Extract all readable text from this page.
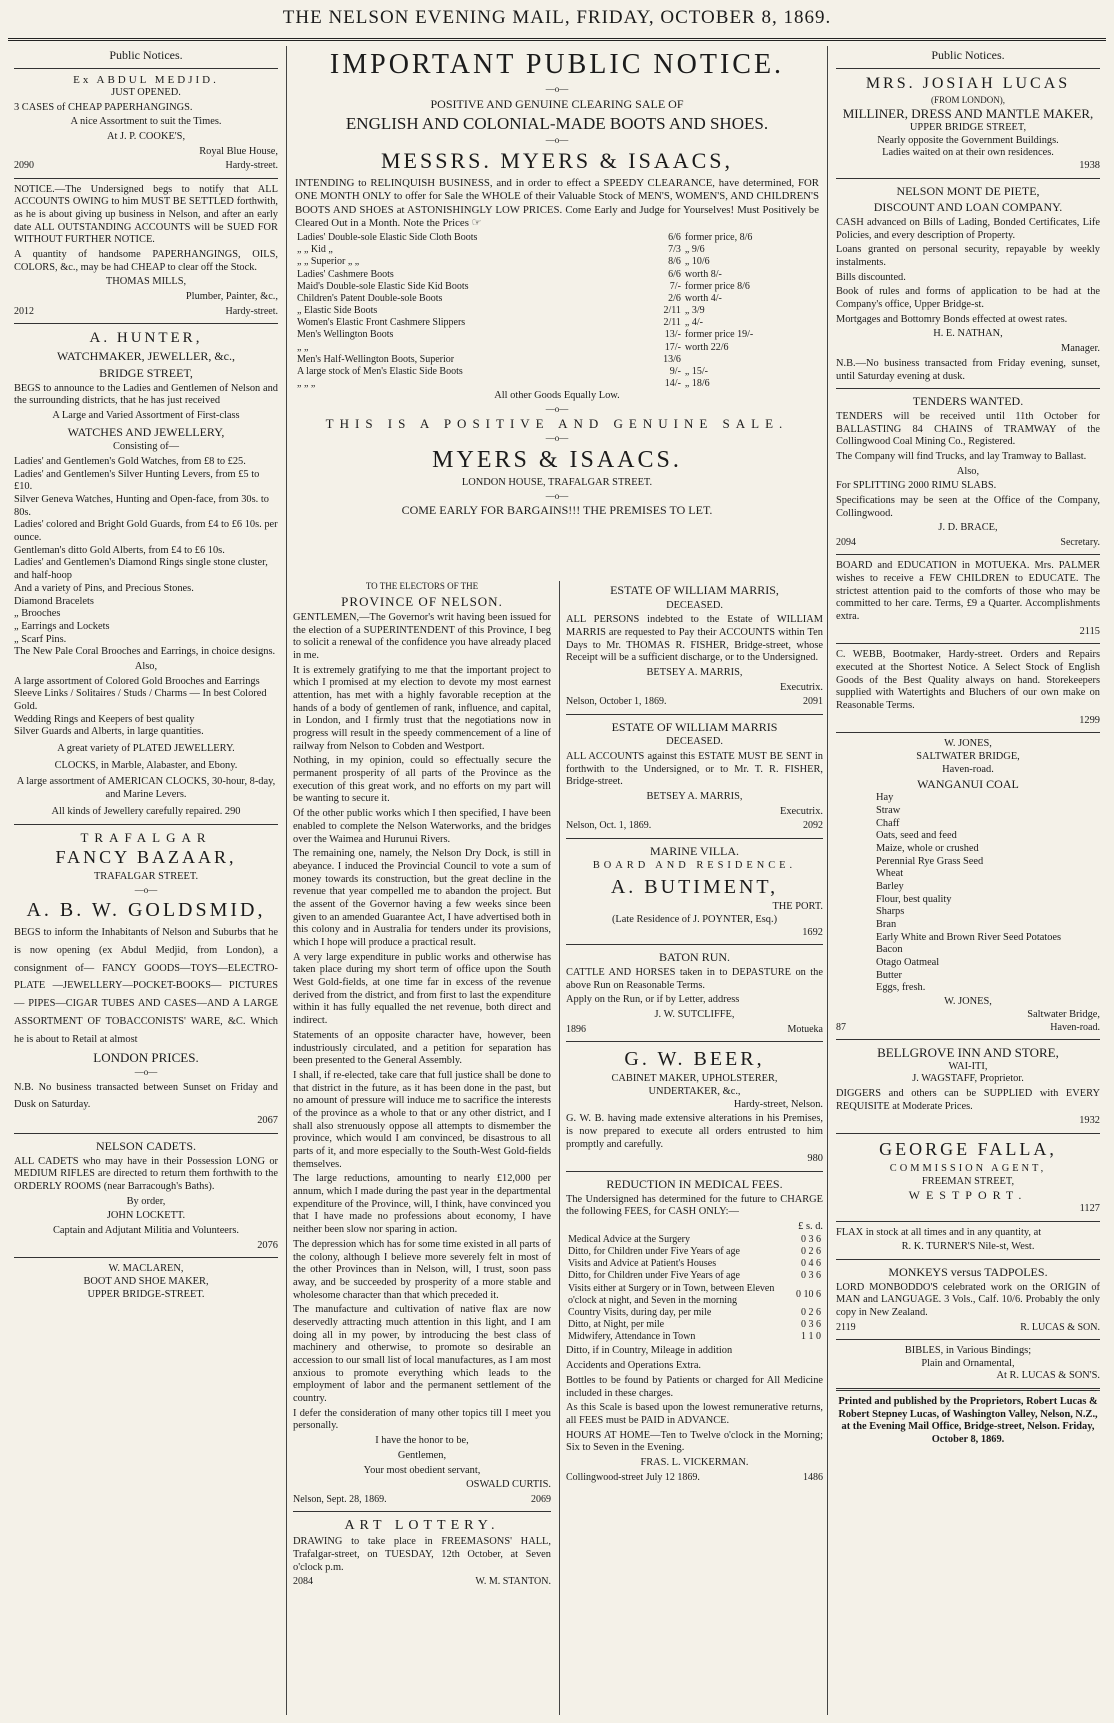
THE NELSON EVENING MAIL, FRIDAY, OCTOBER 8, 1869.
Public Notices.
Ex ABDUL MEDJID.
JUST OPENED.

3 CASES of CHEAP PAPERHANGINGS.

A nice Assortment to suit the Times.

At J. P. COOKE'S,

Royal Blue House,

2090	Hardy-street.

NOTICE.—The Undersigned begs to notify that ALL ACCOUNTS OWING to him MUST BE SETTLED forthwith, as he is about giving up business in Nelson, and after an early date ALL OUTSTANDING ACCOUNTS will be SUED FOR WITHOUT FURTHER NOTICE.

A quantity of handsome PAPERHANGINGS, OILS, COLORS, &c., may be had CHEAP to clear off the Stock.

THOMAS MILLS,

Plumber, Painter, &c.,

2012	Hardy-street.
A. HUNTER,
WATCHMAKER, JEWELLER, &c.,
BRIDGE STREET,

BEGS to announce to the Ladies and Gentlemen of Nelson and the surrounding districts, that he has just received

A Large and Varied Assortment of First-class

WATCHES AND JEWELLERY,

Consisting of—

Ladies' and Gentlemen's Gold Watches, from £8 to £25.
Ladies' and Gentlemen's Silver Hunting Levers, from £5 to £10.
Silver Geneva Watches, Hunting and Open-face, from 30s. to 80s.
Ladies' colored and Bright Gold Guards, from £4 to £6 10s. per ounce.
Gentleman's ditto Gold Alberts, from £4 to £6 10s.
Ladies' and Gentlemen's Diamond Rings single stone cluster, and half-hoop
And a variety of Pins, and Precious Stones.
Diamond Bracelets
„ Brooches
„ Earrings and Lockets
„ Scarf Pins.
The New Pale Coral Brooches and Earrings, in choice designs.

Also,

A large assortment of Colored Gold Brooches and Earrings
Sleeve Links / Solitaires / Studs / Charms — In best Colored Gold.
Wedding Rings and Keepers of best quality
Silver Guards and Alberts, in large quantities.
A great variety of PLATED JEWELLERY.
CLOCKS, in Marble, Alabaster, and Ebony.
A large assortment of AMERICAN CLOCKS, 30-hour, 8-day, and Marine Levers.
All kinds of Jewellery carefully repaired. 290
TRAFALGAR
FANCY BAZAAR,
TRAFALGAR STREET.
—o—
A. B. W. GOLDSMID,

BEGS to inform the Inhabitants of Nelson and Suburbs that he is now opening (ex Abdul Medjid, from London), a consignment of— FANCY GOODS—TOYS—ELECTRO-PLATE —JEWELLERY—POCKET-BOOKS— PICTURES — PIPES—CIGAR TUBES AND CASES—AND A LARGE ASSORTMENT OF TOBACCONISTS' WARE, &C. Which he is about to Retail at almost

LONDON PRICES.
—o—

N.B. No business transacted between Sunset on Friday and Dusk on Saturday.

2067

NELSON CADETS.

ALL CADETS who may have in their Possession LONG or MEDIUM RIFLES are directed to return them forthwith to the ORDERLY ROOMS (near Barracough's Baths).

By order,

JOHN LOCKETT.

Captain and Adjutant Militia and Volunteers.

2076

W. MACLAREN,
BOOT AND SHOE MAKER,
UPPER BRIDGE-STREET.
IMPORTANT PUBLIC NOTICE.
—o—
POSITIVE AND GENUINE CLEARING SALE OF
ENGLISH AND COLONIAL-MADE BOOTS AND SHOES.
—o—
MESSRS. MYERS & ISAACS,

INTENDING to RELINQUISH BUSINESS, and in order to effect a SPEEDY CLEARANCE, have determined, FOR ONE MONTH ONLY to offer for Sale the WHOLE of their Valuable Stock of MEN'S, WOMEN'S, AND CHILDREN'S BOOTS AND SHOES at ASTONISHINGLY LOW PRICES. Come Early and Judge for Yourselves! Must Positively be Cleared Out in a Month. Note the Prices ☞

Ladies' Double-sole Elastic Side Cloth Boots	6/6	former price, 8/6
„ „ Kid „	7/3	„ 9/6
„ „ Superior „ „	8/6	„ 10/6
Ladies' Cashmere Boots	6/6	worth 8/-
Maid's Double-sole Elastic Side Kid Boots	7/-	former price 8/6
Children's Patent Double-sole Boots	2/6	worth 4/-
„ Elastic Side Boots	2/11	„ 3/9
Women's Elastic Front Cashmere Slippers	2/11	„ 4/-
Men's Wellington Boots	13/-	former price 19/-
„ „	17/-	worth 22/6
Men's Half-Wellington Boots, Superior	13/6	
A large stock of Men's Elastic Side Boots	9/-	„ 15/-
„ „ „	14/-	„ 18/6
All other Goods Equally Low.
—o—
THIS IS A POSITIVE AND GENUINE SALE.
—o—
MYERS & ISAACS.
LONDON HOUSE, TRAFALGAR STREET.
—o—
COME EARLY FOR BARGAINS!!! THE PREMISES TO LET.
TO THE ELECTORS OF THE
PROVINCE OF NELSON.

GENTLEMEN,—The Governor's writ having been issued for the election of a SUPERINTENDENT of this Province, I beg to solicit a renewal of the confidence you have already placed in me.

It is extremely gratifying to me that the important project to which I promised at my election to devote my most earnest attention, has met with a highly favorable reception at the hands of a body of gentlemen of rank, influence, and capital, in London, and I firmly trust that the negotiations now in progress will result in the speedy commencement of a line of railway from Nelson to Cobden and Westport.

Nothing, in my opinion, could so effectually secure the permanent prosperity of all parts of the Province as the execution of this great work, and no efforts on my part will be wanting to secure it.

Of the other public works which I then specified, I have been enabled to complete the Nelson Waterworks, and the bridges over the Waimea and Hurunui Rivers.

The remaining one, namely, the Nelson Dry Dock, is still in abeyance. I induced the Provincial Council to vote a sum of money towards its construction, but the great decline in the revenue that year compelled me to abandon the project. But the assent of the Governor having a few weeks since been given to an amended Guarantee Act, I have advertised both in this colony and in Australia for tenders under its provisions, which I hope will produce a practical result.

A very large expenditure in public works and otherwise has taken place during my short term of office upon the South West Gold-fields, at one time far in excess of the revenue derived from the district, and from first to last the expenditure within it has fully equalled the net revenue, both direct and indirect.

Statements of an opposite character have, however, been industriously circulated, and a petition for separation has been presented to the General Assembly.

I shall, if re-elected, take care that full justice shall be done to that district in the future, as it has been done in the past, but no amount of pressure will induce me to sacrifice the interests of the province as a whole to that or any other district, and I shall also strenuously oppose all attempts to dismember the province, which would I am convinced, be disastrous to all parts of it, and more especially to the South-West Gold-fields themselves.

The large reductions, amounting to nearly £12,000 per annum, which I made during the past year in the departmental expenditure of the Province, will, I think, have convinced you that I have made no professions about economy, I have neither been slow nor sparing in action.

The depression which has for some time existed in all parts of the colony, although I believe more severely felt in most of the other Provinces than in Nelson, will, I trust, soon pass away, and be succeeded by prosperity of a more stable and wholesome character than that which preceded it.

The manufacture and cultivation of native flax are now deservedly attracting much attention in this light, and I am doing all in my power, by introducing the best class of machinery and otherwise, to promote so desirable an accession to our small list of local manufactures, as I am most anxious to promote everything which leads to the employment of labor and the permanent settlement of the country.

I defer the consideration of many other topics till I meet you personally.

I have the honor to be,

Gentlemen,

Your most obedient servant,

OSWALD CURTIS.

Nelson, Sept. 28, 1869.	2069
ART LOTTERY.

DRAWING to take place in FREEMASONS' HALL, Trafalgar-street, on TUESDAY, 12th October, at Seven o'clock p.m.

2084	W. M. STANTON.
ESTATE OF WILLIAM MARRIS,
DECEASED.

ALL PERSONS indebted to the Estate of WILLIAM MARRIS are requested to Pay their ACCOUNTS within Ten Days to Mr. THOMAS R. FISHER, Bridge-street, whose Receipt will be a sufficient discharge, or to the Undersigned.

BETSEY A. MARRIS,

Executrix.

Nelson, October 1, 1869.	2091
ESTATE OF WILLIAM MARRIS
DECEASED.

ALL ACCOUNTS against this ESTATE MUST BE SENT in forthwith to the Undersigned, or to Mr. T. R. FISHER, Bridge-street.

BETSEY A. MARRIS,

Executrix.

Nelson, Oct. 1, 1869.	2092
MARINE VILLA.
BOARD AND RESIDENCE.
A. BUTIMENT,
THE PORT.
(Late Residence of J. POYNTER, Esq.)
1692
BATON RUN.

CATTLE AND HORSES taken in to DEPASTURE on the above Run on Reasonable Terms.

Apply on the Run, or if by Letter, address

J. W. SUTCLIFFE,

1896	Motueka
G. W. BEER,
CABINET MAKER, UPHOLSTERER,
UNDERTAKER, &c.,
Hardy-street, Nelson.

G. W. B. having made extensive alterations in his Premises, is now prepared to execute all orders entrusted to him promptly and carefully.

980
REDUCTION IN MEDICAL FEES.

The Undersigned has determined for the future to CHARGE the following FEES, for CASH ONLY:—

£ s. d.
Medical Advice at the Surgery	0 3 6
Ditto, for Children under Five Years of age	0 2 6
Visits and Advice at Patient's Houses	0 4 6
Ditto, for Children under Five Years of age	0 3 6
Visits either at Surgery or in Town, between Eleven o'clock at night, and Seven in the morning	0 10 6
Country Visits, during day, per mile	0 2 6
Ditto, at Night, per mile	0 3 6
Midwifery, Attendance in Town	1 1 0

Ditto, if in Country, Mileage in addition

Accidents and Operations Extra.

Bottles to be found by Patients or charged for All Medicine included in these charges.

As this Scale is based upon the lowest remunerative returns, all FEES must be PAID in ADVANCE.

HOURS AT HOME—Ten to Twelve o'clock in the Morning; Six to Seven in the Evening.

FRAS. L. VICKERMAN.

Collingwood-street July 12 1869.	1486
Public Notices.
MRS. JOSIAH LUCAS
(FROM LONDON),
MILLINER, DRESS AND MANTLE MAKER,
UPPER BRIDGE STREET,
Nearly opposite the Government Buildings.
Ladies waited on at their own residences.
1938
NELSON MONT DE PIETE,
DISCOUNT AND LOAN COMPANY.

CASH advanced on Bills of Lading, Bonded Certificates, Life Policies, and every description of Property.

Loans granted on personal security, repayable by weekly instalments.

Bills discounted.

Book of rules and forms of application to be had at the Company's office, Upper Bridge-st.

Mortgages and Bottomry Bonds effected at owest rates.

H. E. NATHAN,

Manager.

N.B.—No business transacted from Friday evening, sunset, until Saturday evening at dusk.

TENDERS WANTED.

TENDERS will be received until 11th October for BALLASTING 84 CHAINS of TRAMWAY of the Collingwood Coal Mining Co., Registered.

The Company will find Trucks, and lay Tramway to Ballast.

Also,

For SPLITTING 2000 RIMU SLABS.

Specifications may be seen at the Office of the Company, Collingwood.

J. D. BRACE,

2094	Secretary.

BOARD and EDUCATION in MOTUEKA. Mrs. PALMER wishes to receive a FEW CHILDREN to EDUCATE. The strictest attention paid to the comforts of those who may be committed to her care. Terms, £9 a Quarter. Accomplishments extra.

2115

C. WEBB, Bootmaker, Hardy-street. Orders and Repairs executed at the Shortest Notice. A Select Stock of English Goods of the Best Quality always on hand. Storekeepers supplied with Watertights and Bluchers of our own make on Reasonable Terms.

1299
W. JONES,
SALTWATER BRIDGE,
Haven-road.
WANGANUI COAL
Hay
Straw
Chaff
Oats, seed and feed
Maize, whole or crushed
Perennial Rye Grass Seed
Wheat
Barley
Flour, best quality
Sharps
Bran
Early White and Brown River Seed Potatoes
Bacon
Otago Oatmeal
Butter
Eggs, fresh.
W. JONES,
Saltwater Bridge,
87	Haven-road.
BELLGROVE INN AND STORE,
WAI-ITI,
J. WAGSTAFF, Proprietor.

DIGGERS and others can be SUPPLIED with EVERY REQUISITE at Moderate Prices.

1932
GEORGE FALLA,
COMMISSION AGENT,
FREEMAN STREET,
WESTPORT.
1127

FLAX in stock at all times and in any quantity, at

R. K. TURNER'S Nile-st, West.

MONKEYS versus TADPOLES.

LORD MONBODDO'S celebrated work on the ORIGIN of MAN and LANGUAGE. 3 Vols., Calf. 10/6. Probably the only copy in New Zealand.

2119	R. LUCAS & SON.
BIBLES, in Various Bindings;
Plain and Ornamental,
At R. LUCAS & SON'S.

Printed and published by the Proprietors, Robert Lucas & Robert Stepney Lucas, of Washington Valley, Nelson, N.Z., at the Evening Mail Office, Bridge-street, Nelson. Friday, October 8, 1869.
